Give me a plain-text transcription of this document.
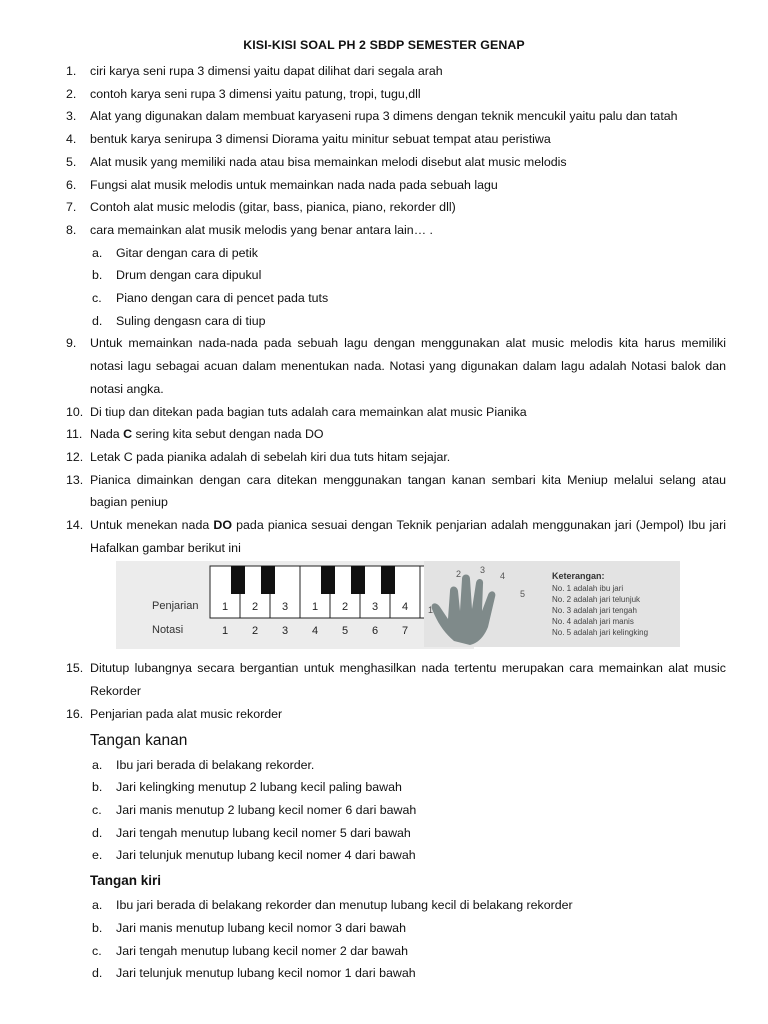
KISI-KISI SOAL PH 2 SBDP SEMESTER GENAP
1.	ciri karya seni rupa 3 dimensi yaitu dapat dilihat dari segala arah
2.	contoh karya seni rupa 3 dimensi yaitu patung, tropi, tugu,dll
3.	Alat yang digunakan dalam membuat karyaseni rupa 3 dimens dengan teknik mencukil yaitu palu dan tatah
4.	bentuk karya senirupa 3 dimensi Diorama yaitu minitur sebuat tempat atau peristiwa
5.	Alat musik yang memiliki nada atau bisa memainkan melodi disebut alat music melodis
6.	Fungsi alat musik melodis untuk memainkan nada nada pada sebuah lagu
7.	Contoh alat music melodis (gitar, bass, pianica, piano, rekorder dll)
8.	cara memainkan alat musik melodis yang benar antara lain… .
a.	Gitar dengan cara di petik
b.	Drum dengan cara dipukul
c.	Piano dengan cara di pencet pada tuts
d.	Suling dengasn cara di tiup
9.	Untuk memainkan nada-nada pada sebuah lagu dengan menggunakan alat music melodis kita harus memiliki notasi lagu sebagai acuan dalam menentukan nada. Notasi yang digunakan dalam lagu adalah Notasi balok dan notasi angka.
10. Di tiup dan ditekan pada bagian tuts adalah cara memainkan alat music Pianika
11. Nada C sering kita sebut dengan nada DO
12. Letak C pada pianika adalah di sebelah kiri dua tuts hitam sejajar.
13. Pianica dimainkan dengan cara ditekan menggunakan tangan kanan sembari kita Meniup melalui selang atau bagian peniup
14. Untuk menekan nada DO pada pianica sesuai dengan Teknik penjarian adalah menggunakan jari (Jempol) Ibu jari Hafalkan gambar berikut ini
Penjarian
Notasi
1 2 3 1 2 3 4
1 2 3 4 5 6 7
1
2 3
4
5
Keterangan:
No. 1 adalah ibu jari
No. 2 adalah jari telunjuk
No. 3 adalah jari tengah
No. 4 adalah jari manis
No. 5 adalah jari kelingking
15. Ditutup lubangnya secara bergantian untuk menghasilkan nada tertentu merupakan cara memainkan alat music Rekorder
16. Penjarian pada alat music rekorder
Tangan kanan
a.	Ibu jari berada di belakang rekorder.
b.	Jari kelingking menutup 2 lubang kecil paling bawah
c.	Jari manis menutup 2 lubang kecil nomer 6 dari bawah
d.	Jari tengah menutup lubang kecil nomer 5 dari bawah
e.	Jari telunjuk menutup lubang kecil nomer 4 dari bawah
Tangan kiri
a.	Ibu jari berada di belakang rekorder dan menutup lubang kecil di belakang rekorder
b.	Jari manis menutup lubang kecil nomor 3 dari bawah
c.	Jari tengah menutup lubang kecil nomer 2 dar bawah
d.	Jari telunjuk menutup lubang kecil nomor 1 dari bawah
